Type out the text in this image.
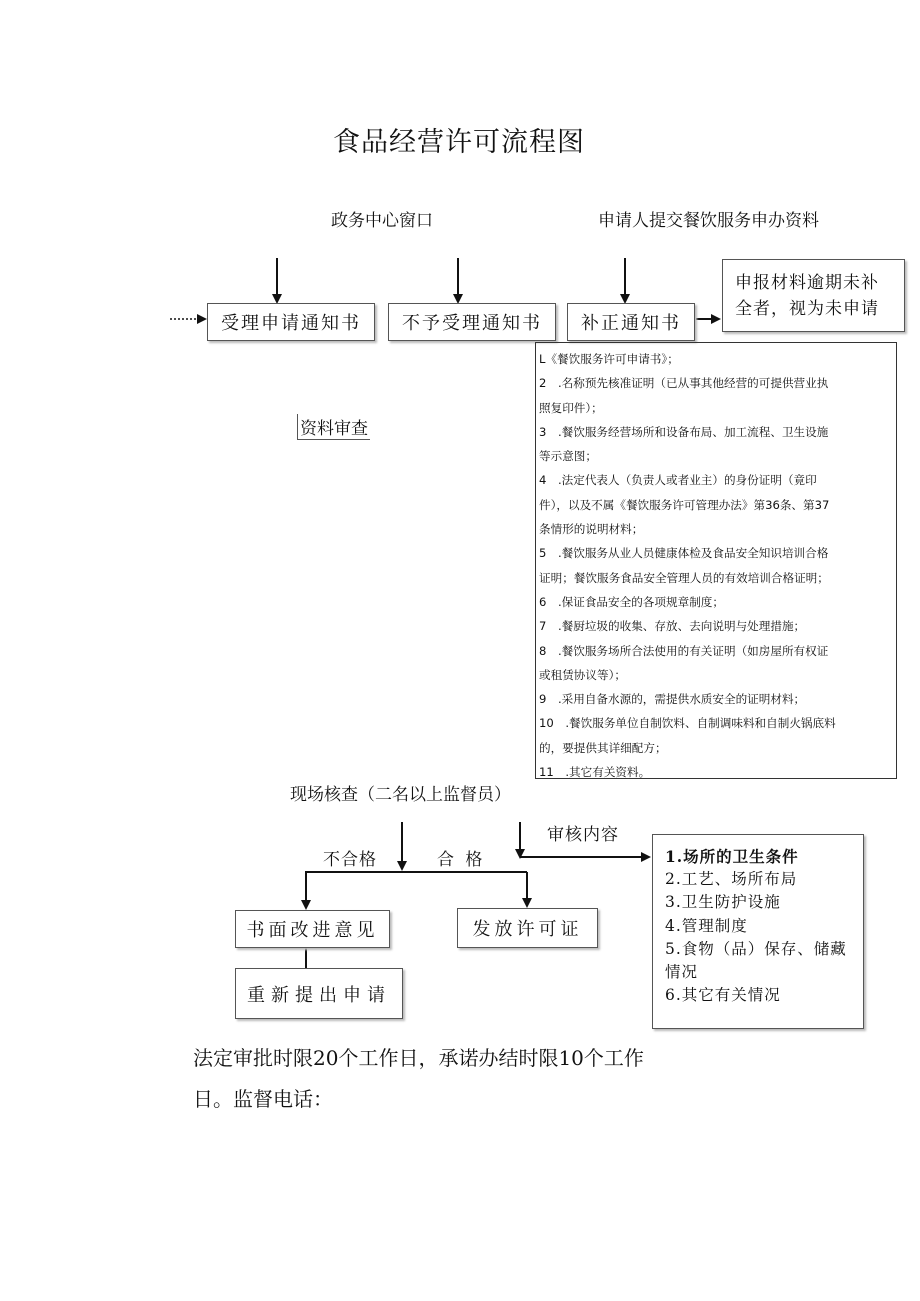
食品经营许可流程图
政务中心窗口	申请人提交餐饮服务申办资料
受理申请通知书	不予受理通知书	补正通知书
申报材料逾期未补
全者，视为未申请
资料审查
L《餐饮服务许可申请书》；
2　.名称预先核准证明（已从事其他经营的可提供营业执
照复印件）；
3　.餐饮服务经营场所和设备布局、加工流程、卫生设施
等示意图；
4　.法定代表人（负责人或者业主）的身份证明（竟印
件），以及不属《餐饮服务许可管理办法》第36条、第37
条情形的说明材料；
5　.餐饮服务从业人员健康体检及食品安全知识培训合格
证明；餐饮服务食品安全管理人员的有效培训合格证明；
6　.保证食品安全的各项规章制度；
7　.餐厨垃圾的收集、存放、去向说明与处理措施；
8　.餐饮服务场所合法使用的有关证明（如房屋所有权证
或租赁协议等）；
9　.采用自备水源的，需提供水质安全的证明材料；
10　.餐饮服务单位自制饮料、自制调味料和自制火锅底料
的，要提供其详细配方；
11　.其它有关资料。
现场核查（二名以上监督员）
不合格	合 格
审核内容
1.场所的卫生条件
2.工艺、场所布局
3.卫生防护设施
4.管理制度
5.食物（品）保存、储藏
情况
6.其它有关情况
书面改进意见	发放许可证
重新提出申请
法定审批时限20个工作日，承诺办结时限10个工作
日。监督电话：
